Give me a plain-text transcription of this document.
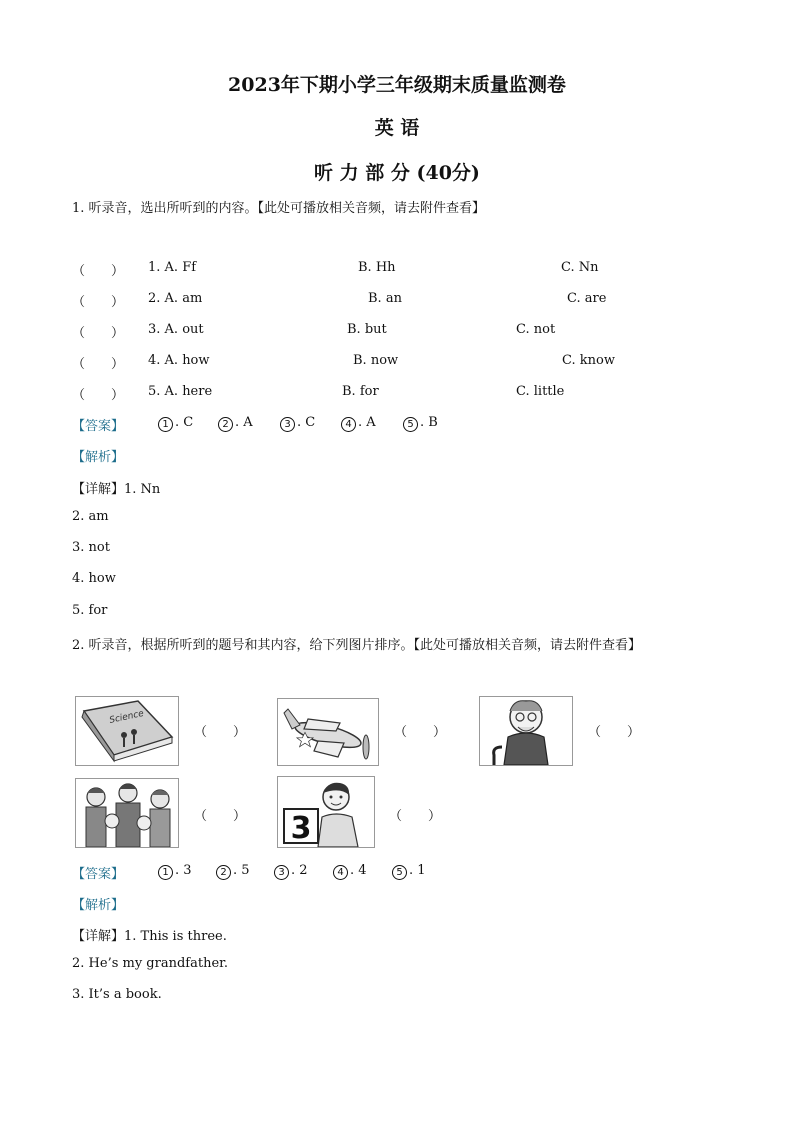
2023年下期小学三年级期末质量监测卷
英 语
听 力 部 分 (40分)
1. 听录音，选出所听到的内容。【此处可播放相关音频，请去附件查看】
（　　） 1. A. Ff	B. Hh	C. Nn
（　　） 2. A. am	B. an	C. are
（　　） 3. A. out	B. but	C. not
（　　） 4. A. how	B. now	C. know
（　　） 5. A. here	B. for	C. little
【答案】	1 . C	2 . A	3 . C	4 . A	5 . B
【解析】
【详解】1. Nn
2. am
3. not
4. how
5. for
2. 听录音，根据所听到的题号和其内容，给下列图片排序。【此处可播放相关音频，请去附件查看】
Science
（　　）	（　　）	（　　）
（　　） 3	（　　）
【答案】	1 . 3	2 . 5	3 . 2	4 . 4	5 . 1
【解析】
【详解】1. This is three.
2. He’s my grandfather.
3. It’s a book.
